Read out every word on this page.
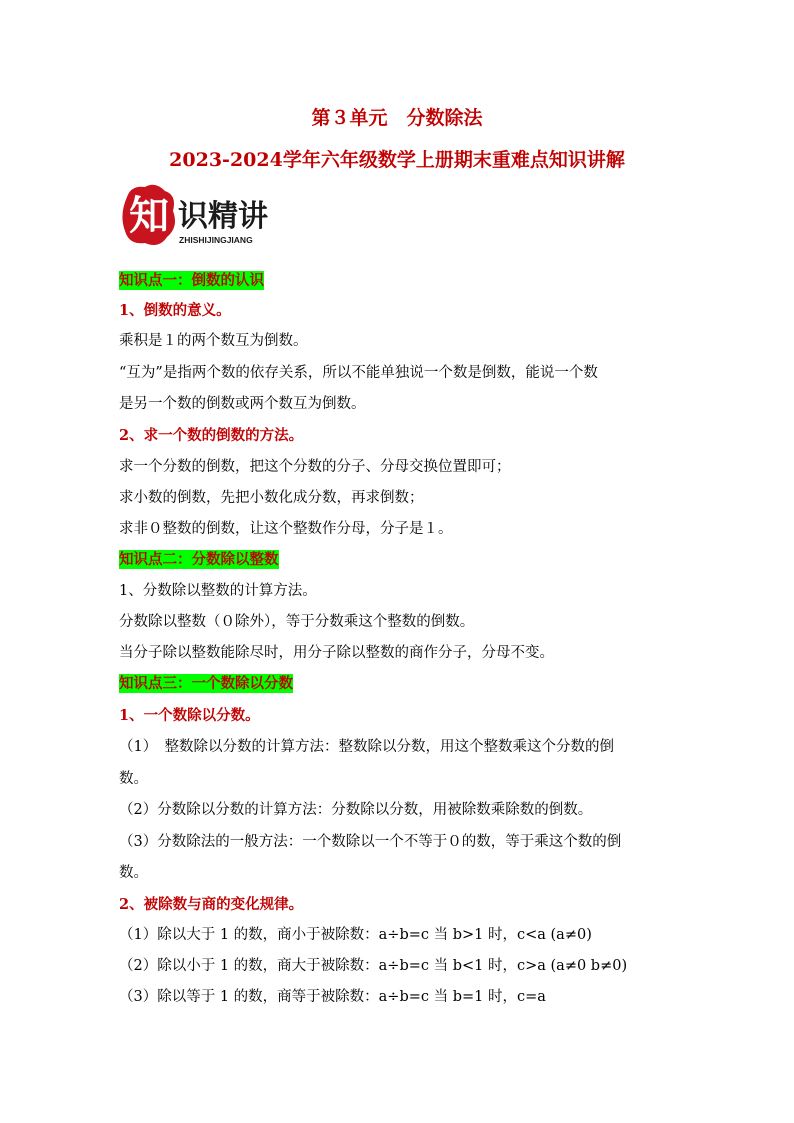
第３单元　分数除法
2023-2024学年六年级数学上册期末重难点知识讲解
知 识精讲
ZHISHIJINGJIANG
知识点一：倒数的认识
1、倒数的意义。
乘积是１的两个数互为倒数。
“互为”是指两个数的依存关系，所以不能单独说一个数是倒数，能说一个数
是另一个数的倒数或两个数互为倒数。
2、求一个数的倒数的方法。
求一个分数的倒数，把这个分数的分子、分母交换位置即可；
求小数的倒数，先把小数化成分数，再求倒数；
求非０整数的倒数，让这个整数作分母，分子是１。
知识点二：分数除以整数
1、分数除以整数的计算方法。
分数除以整数（０除外），等于分数乘这个整数的倒数。
当分子除以整数能除尽时，用分子除以整数的商作分子，分母不变。
知识点三：一个数除以分数
1、一个数除以分数。
（1）　整数除以分数的计算方法：整数除以分数，用这个整数乘这个分数的倒
数。
（2）分数除以分数的计算方法：分数除以分数，用被除数乘除数的倒数。
（3）分数除法的一般方法：一个数除以一个不等于０的数，等于乘这个数的倒
数。
2、被除数与商的变化规律。
（1）除以大于 1 的数，商小于被除数：a÷b=c 当 b>1 时，c<a (a≠0)
（2）除以小于 1 的数，商大于被除数：a÷b=c 当 b<1 时，c>a (a≠0 b≠0)
（3）除以等于 1 的数，商等于被除数：a÷b=c 当 b=1 时，c=a
